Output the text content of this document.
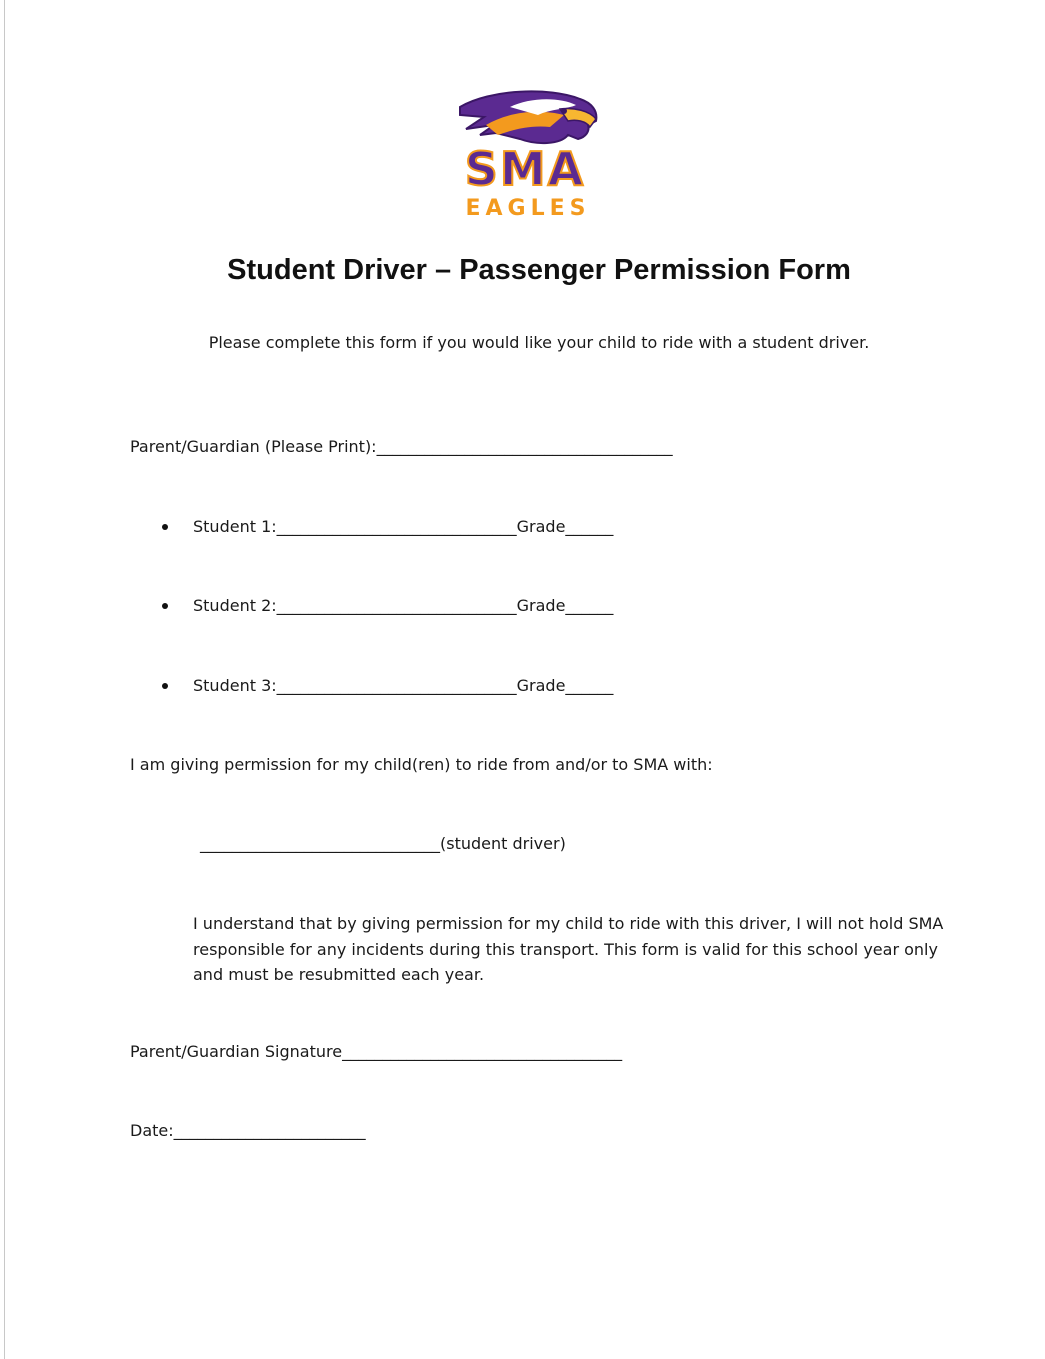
SMA
EAGLES
Student Driver – Passenger Permission Form
Please complete this form if you would like your child to ride with a student driver.
Parent/Guardian (Please Print):_____________________________________
Student 1:______________________________Grade______
Student 2:______________________________Grade______
Student 3:______________________________Grade______
I am giving permission for my child(ren) to ride from and/or to SMA with:
______________________________(student driver)
I understand that by giving permission for my child to ride with this driver, I will not hold SMA responsible for any incidents during this transport. This form is valid for this school year only and must be resubmitted each year.
Parent/Guardian Signature___________________________________
Date:________________________
